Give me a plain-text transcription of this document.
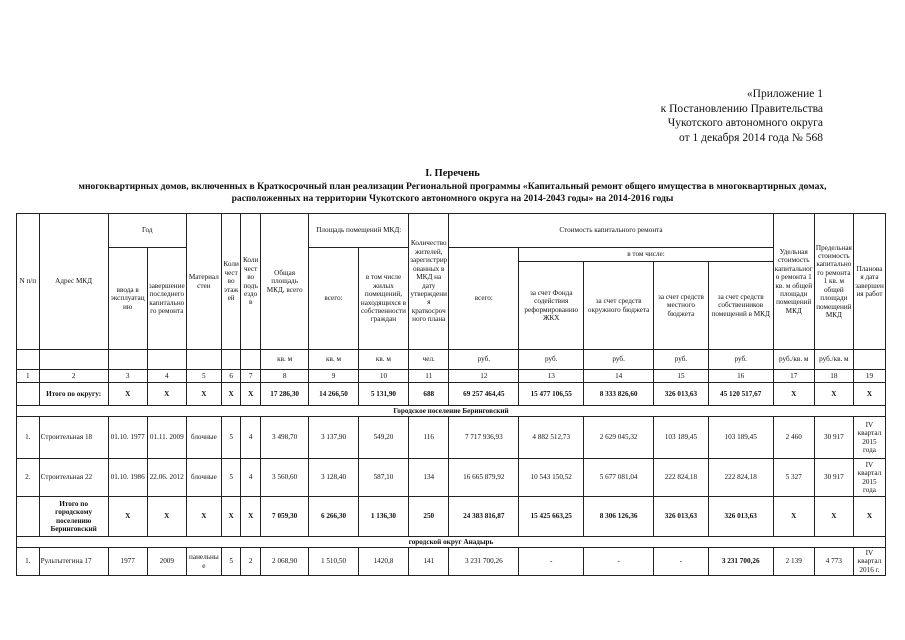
«Приложение 1
к Постановлению Правительства
Чукотского автономного округа
от 1 декабря 2014 года № 568
I. Перечень
многоквартирных домов, включенных в Краткосрочный план реализации Региональной программы «Капитальный ремонт общего имущества в многоквартирных домах,
расположенных на территории Чукотского автономного округа на 2014-2043 годы» на 2014-2016 годы
N п/п	Адрес МКД	Год		Материал стен	Количество этажей	Количество подъездов	Общая площадь МКД, всего	Площадь помещений МКД:		Количество жителей, зарегистрированных в МКД на дату утверждения краткосрочного плана	Стоимость капитального ремонта					Удельная стоимость капитального ремонта 1 кв. м общей площади помещений МКД	Предельная стоимость капитального ремонта 1 кв. м общей площади помещений МКД	Плановая дата завершения работ
		ввода в эксплуатацию	завершение последнего капитального ремонта					всего:	в том числе жилых помещений, находящихся в собственности граждан		всего:	в том числе:						
												за счет Фонда содействия реформированию ЖКХ	за счет средств окружного бюджета	за счет средств местного бюджета	за счет средств собственников помещений в МКД			
							кв. м	кв. м	кв. м	чел.	руб.	руб.	руб.	руб.	руб.	руб./кв. м	руб./кв. м	
1	2	3	4	5	6	7	8	9	10	11	12	13	14	15	16	17	18	19
	Итого по округу:	X	X	X	X	X	17 286,30	14 266,50	5 131,90	688	69 257 464,45	15 477 106,55	8 333 826,60	326 013,63	45 120 517,67	X	X	X
Городское поселение Беринговский																		
1.	Строительная 18	01.10. 1977	01.11. 2009	блочные	5	4	3 498,70	3 137,90	549,20	116	7 717 936,93	4 882 512,73	2 629 045,32	103 189,45	103 189,45	2 460	30 917	IV квартал 2015 года
2.	Строительная 22	01.10. 1986	22.06. 2012	блочные	5	4	3 560,60	3 128,40	587,10	134	16 665 879,92	10 543 150,52	5 677 081,04	222 824,18	222 824,18	5 327	30 917	IV квартал 2015 года
	Итого по городскому поселению Беринговский	X	X	X	X	X	7 059,30	6 266,30	1 136,30	250	24 383 816,87	15 425 663,25	8 306 126,36	326 013,63	326 013,63	X	X	X
городской округ Анадырь																		
1.	Рультытегина 17	1977	2009	панельные	5	2	2 068,90	1 510,50	1420,8	141	3 231 700,26	-	-	-	3 231 700,26	2 139	4 773	IV квартал 2016 г.
